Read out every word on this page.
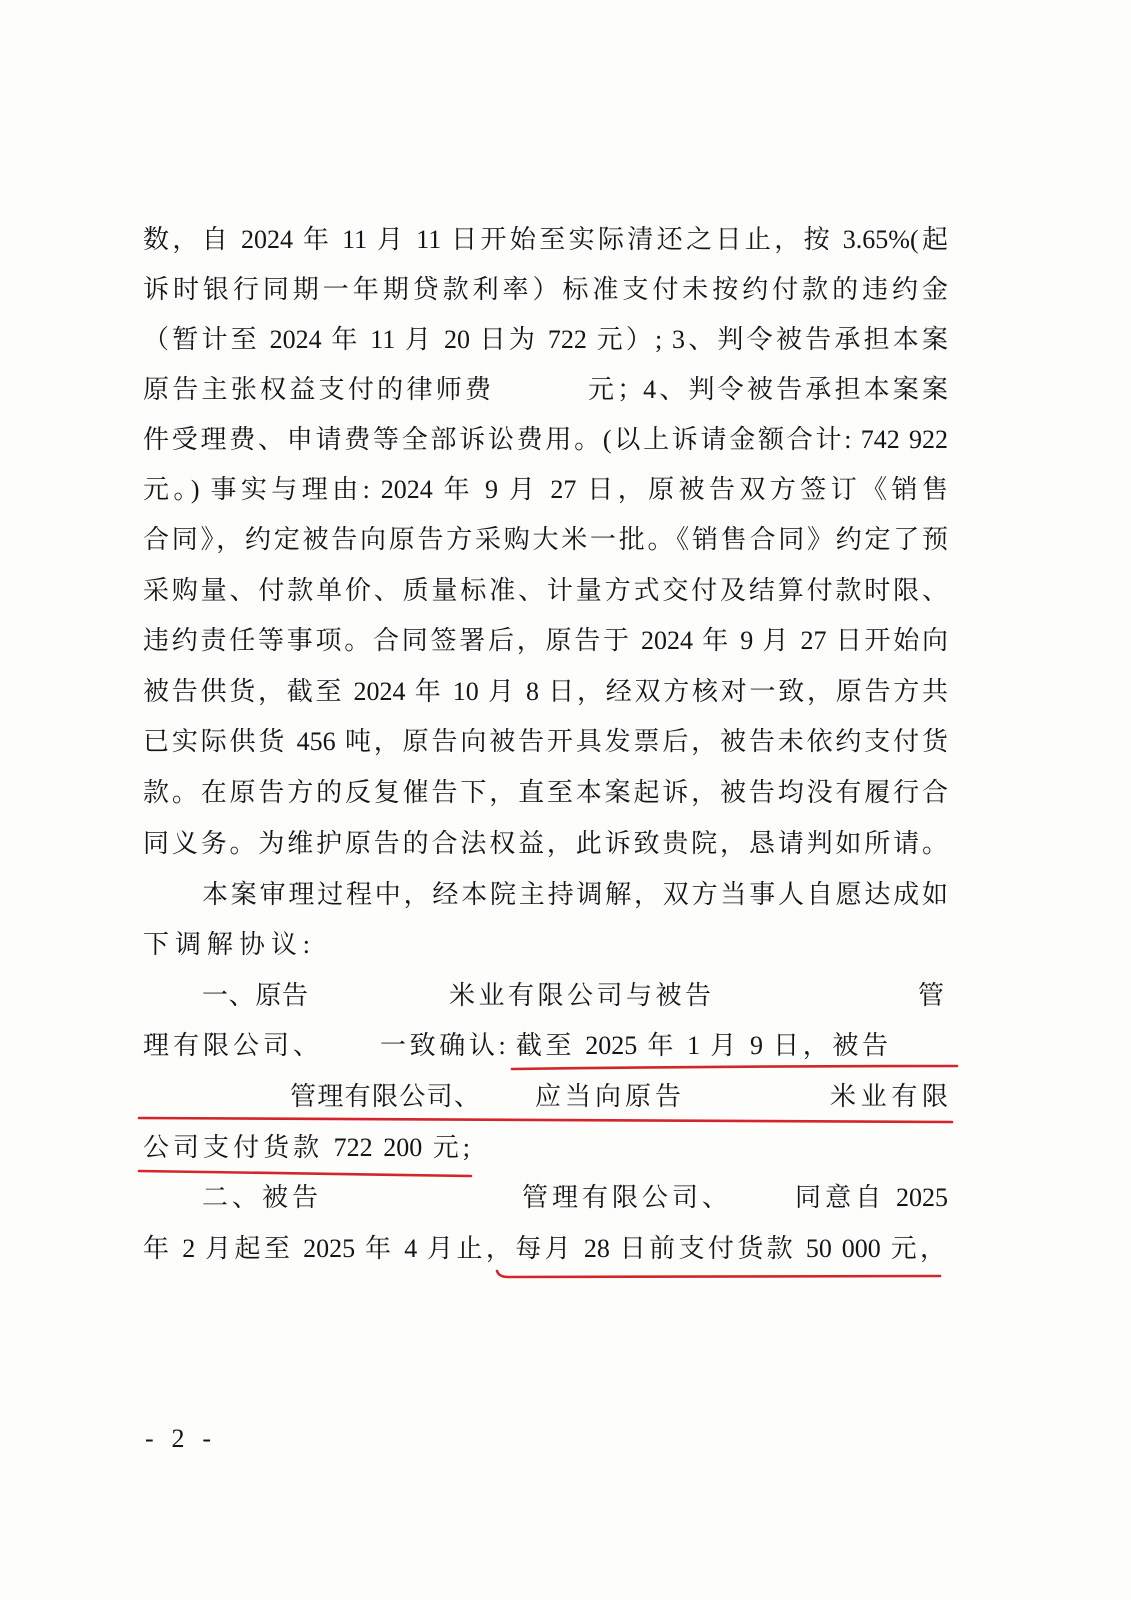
数，自 2024 年 11 月 11 日开始至实际清还之日止，按 3.65%(起
诉时银行同期一年期贷款利率）标准支付未按约付款的违约金
（暂计至 2024 年 11 月 20 日为 722 元）; 3、判令被告承担本案
原告主张权益支付的律师费	元；4、判令被告承担本案案
件受理费、申请费等全部诉讼费用。(以上诉请金额合计: 742 922
元。) 事实与理由: 2024 年 9 月 27 日，原被告双方签订《销售
合同》，约定被告向原告方采购大米一批。《销售合同》约定了预
采购量、付款单价、质量标准、计量方式交付及结算付款时限、
违约责任等事项。合同签署后，原告于 2024 年 9 月 27 日开始向
被告供货，截至 2024 年 10 月 8 日，经双方核对一致，原告方共
已实际供货 456 吨，原告向被告开具发票后，被告未依约支付货
款。在原告方的反复催告下，直至本案起诉，被告均没有履行合
同义务。为维护原告的合法权益，此诉致贵院，恳请判如所请。
本案审理过程中，经本院主持调解，双方当事人自愿达成如
下调解协议:
一、原告	米业有限公司与被告	管
理有限公司、 一致确认: 截至 2025 年 1 月 9 日，被告
管理有限公司、 应当向原告	米业有限
公司支付货款 722 200 元;
二、被告	管理有限公司、	同意自 2025
年 2 月起至 2025 年 4 月止，每月 28 日前支付货款 50 000 元，
- 2 -
